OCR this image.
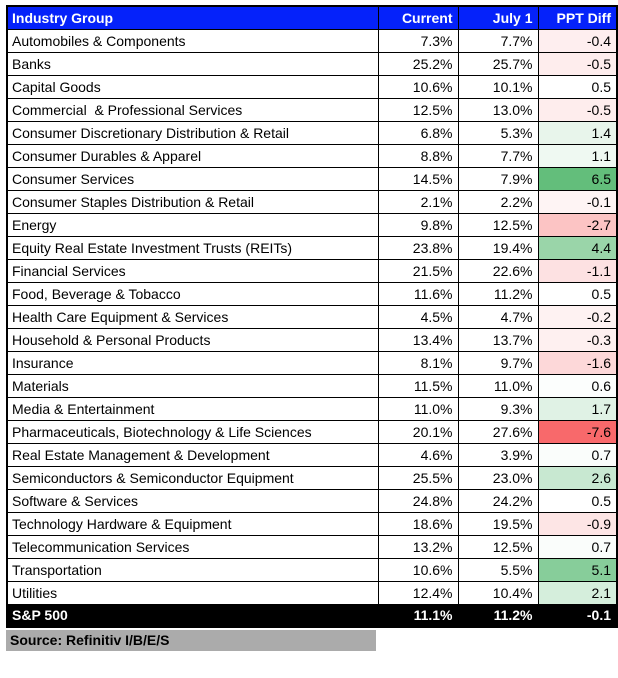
Industry Group	Current	July 1	PPT Diff
Automobiles & Components	7.3%	7.7%	-0.4
Banks	25.2%	25.7%	-0.5
Capital Goods	10.6%	10.1%	0.5
Commercial  & Professional Services	12.5%	13.0%	-0.5
Consumer Discretionary Distribution & Retail	6.8%	5.3%	1.4
Consumer Durables & Apparel	8.8%	7.7%	1.1
Consumer Services	14.5%	7.9%	6.5
Consumer Staples Distribution & Retail	2.1%	2.2%	-0.1
Energy	9.8%	12.5%	-2.7
Equity Real Estate Investment Trusts (REITs)	23.8%	19.4%	4.4
Financial Services	21.5%	22.6%	-1.1
Food, Beverage & Tobacco	11.6%	11.2%	0.5
Health Care Equipment & Services	4.5%	4.7%	-0.2
Household & Personal Products	13.4%	13.7%	-0.3
Insurance	8.1%	9.7%	-1.6
Materials	11.5%	11.0%	0.6
Media & Entertainment	11.0%	9.3%	1.7
Pharmaceuticals, Biotechnology & Life Sciences	20.1%	27.6%	-7.6
Real Estate Management & Development	4.6%	3.9%	0.7
Semiconductors & Semiconductor Equipment	25.5%	23.0%	2.6
Software & Services	24.8%	24.2%	0.5
Technology Hardware & Equipment	18.6%	19.5%	-0.9
Telecommunication Services	13.2%	12.5%	0.7
Transportation	10.6%	5.5%	5.1
Utilities	12.4%	10.4%	2.1
S&P 500	11.1%	11.2%	-0.1
Source: Refinitiv I/B/E/S
